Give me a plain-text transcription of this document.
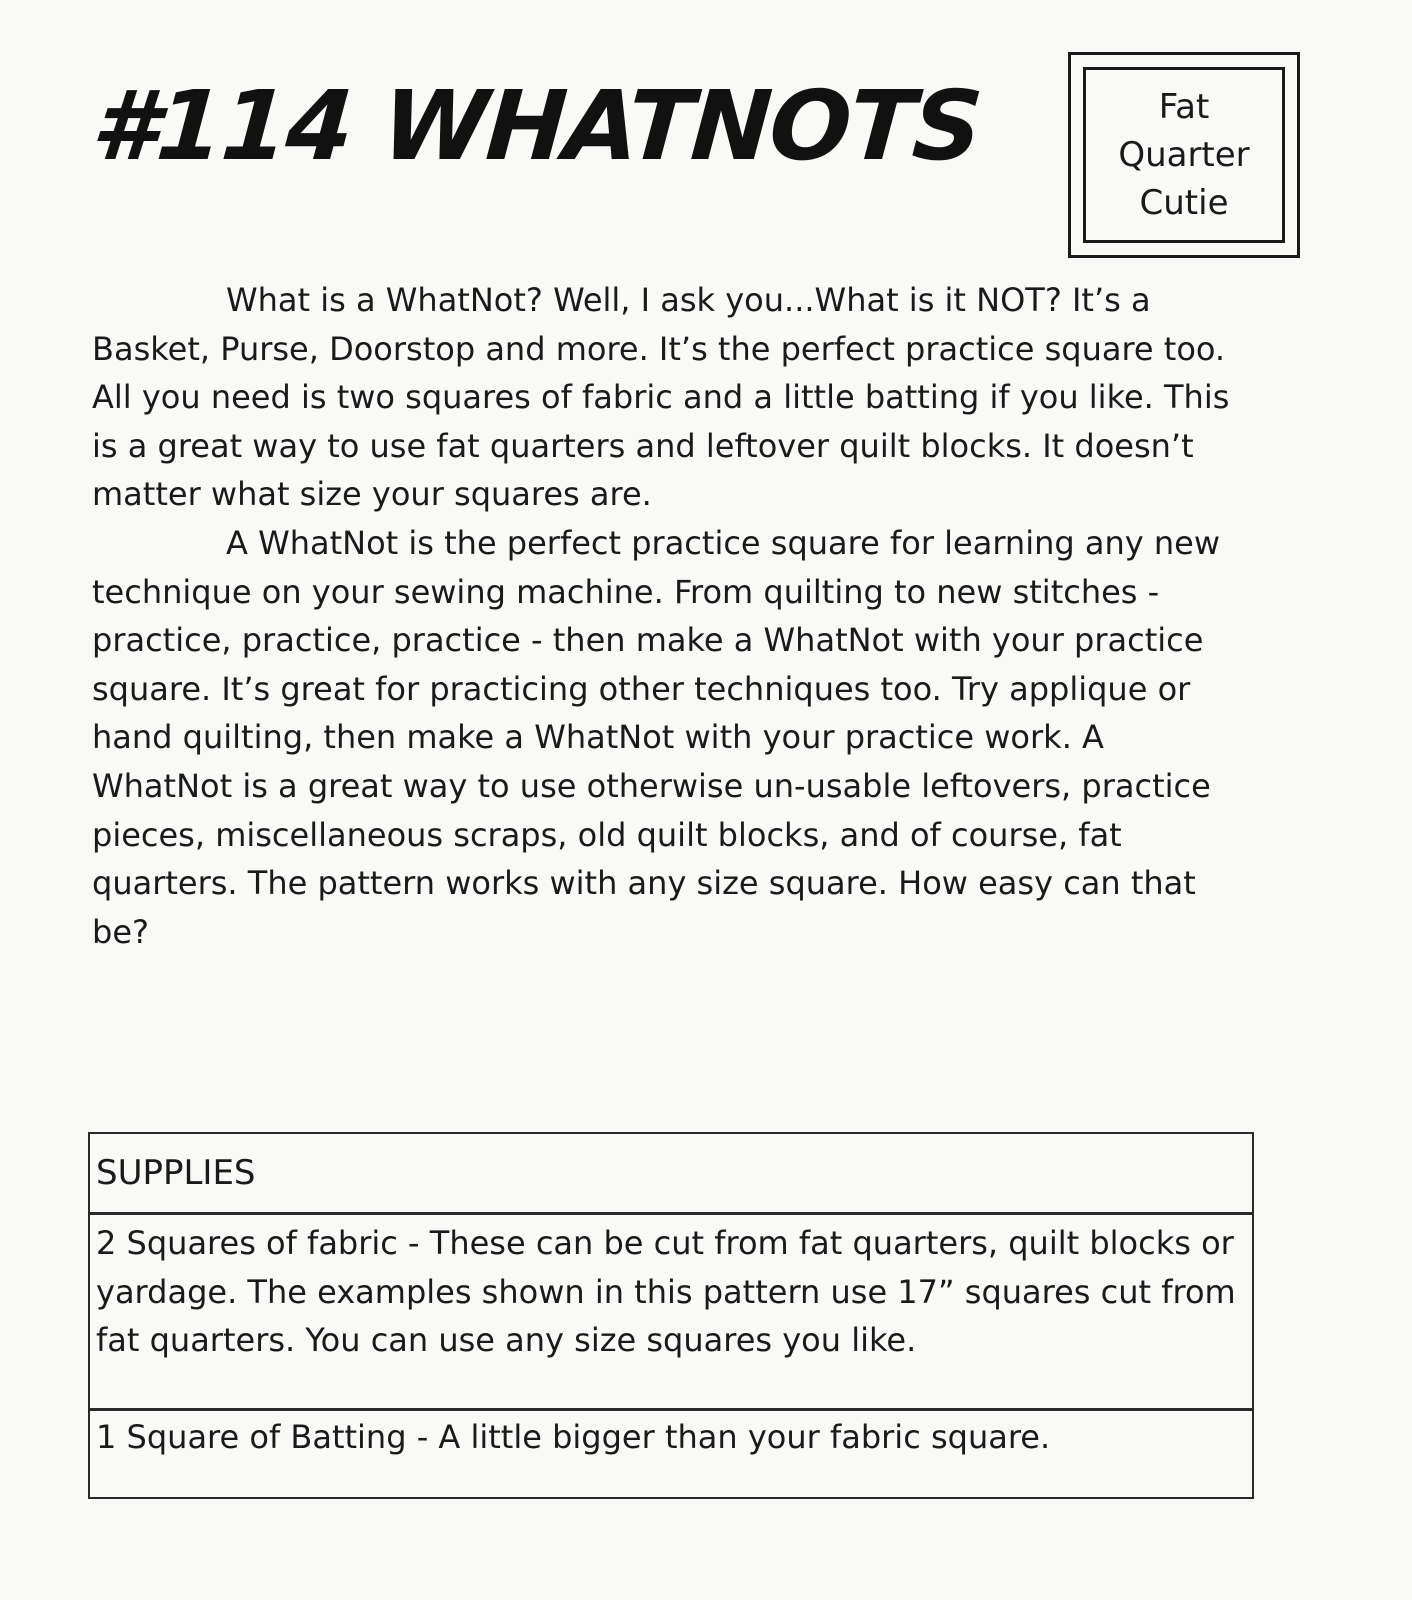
#114 WHATNOTS	Fat
Quarter
Cutie

What is a WhatNot? Well, I ask you...What is it NOT? It’s a Basket, Purse, Doorstop and more. It’s the perfect practice square too. All you need is two squares of fabric and a little batting if you like. This is a great way to use fat quarters and leftover quilt blocks. It doesn’t matter what size your squares are.

A WhatNot is the perfect practice square for learning any new technique on your sewing machine. From quilting to new stitches - practice, practice, practice - then make a WhatNot with your practice square. It’s great for practicing other techniques too. Try applique or hand quilting, then make a WhatNot with your practice work. A WhatNot is a great way to use otherwise un-usable leftovers, practice pieces, miscellaneous scraps, old quilt blocks, and of course, fat quarters. The pattern works with any size square. How easy can that be?

SUPPLIES
2 Squares of fabric - These can be cut from fat quarters, quilt blocks or yardage. The examples shown in this pattern use 17” squares cut from fat quarters. You can use any size squares you like.
1 Square of Batting - A little bigger than your fabric square.
